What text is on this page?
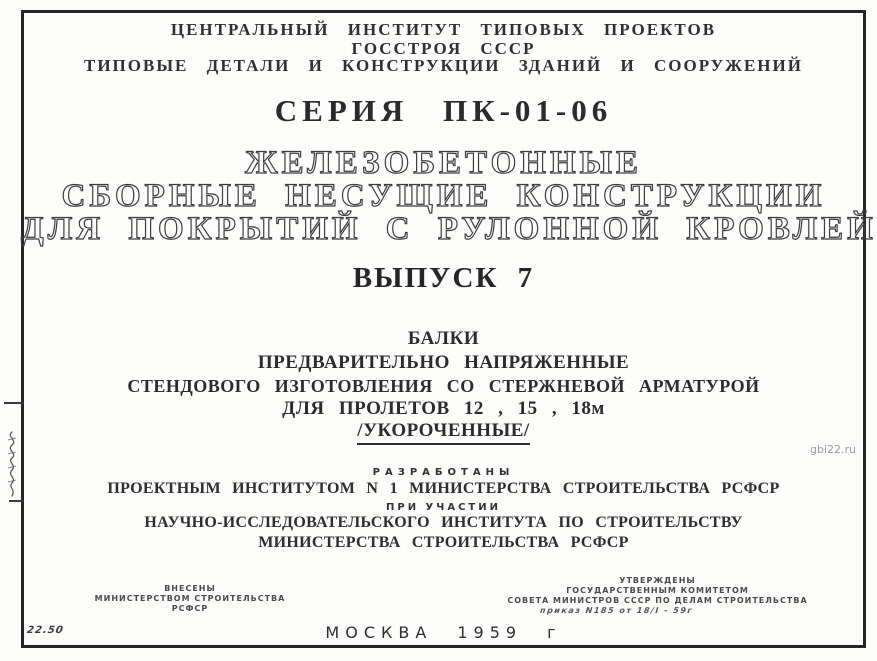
ЦЕНТРАЛЬНЫЙ ИНСТИТУТ ТИПОВЫХ ПРОЕКТОВ
ГОССТРОЯ СССР
ТИПОВЫЕ ДЕТАЛИ И КОНСТРУКЦИИ ЗДАНИЙ И СООРУЖЕНИЙ
СЕРИЯ ПК-01-06
ЖЕЛЕЗОБЕТОННЫЕ
СБОРНЫЕ НЕСУЩИЕ КОНСТРУКЦИИ
ДЛЯ ПОКРЫТИЙ С РУЛОННОЙ КРОВЛЕЙ
ВЫПУСК 7
БАЛКИ
ПРЕДВАРИТЕЛЬНО НАПРЯЖЕННЫЕ
СТЕНДОВОГО ИЗГОТОВЛЕНИЯ СО СТЕРЖНЕВОЙ АРМАТУРОЙ
ДЛЯ ПРОЛЕТОВ 12 , 15 , 18м
/УКОРОЧЕННЫЕ/
РАЗРАБОТАНЫ
ПРОЕКТНЫМ ИНСТИТУТОМ N 1 МИНИСТЕРСТВА СТРОИТЕЛЬСТВА РСФСР
ПРИ УЧАСТИИ
НАУЧНО-ИССЛЕДОВАТЕЛЬСКОГО ИНСТИТУТА ПО СТРОИТЕЛЬСТВУ
МИНИСТЕРСТВА СТРОИТЕЛЬСТВА РСФСР
ВНЕСЕНЫ
МИНИСТЕРСТВОМ СТРОИТЕЛЬСТВА
РСФСР
УТВЕРЖДЕНЫ
ГОСУДАРСТВЕННЫМ КОМИТЕТОМ
СОВЕТА МИНИСТРОВ СССР ПО ДЕЛАМ СТРОИТЕЛЬСТВА
приказ N185 от 18/I - 59г
МОСКВА 1959 г
22.50
gbi22.ru
